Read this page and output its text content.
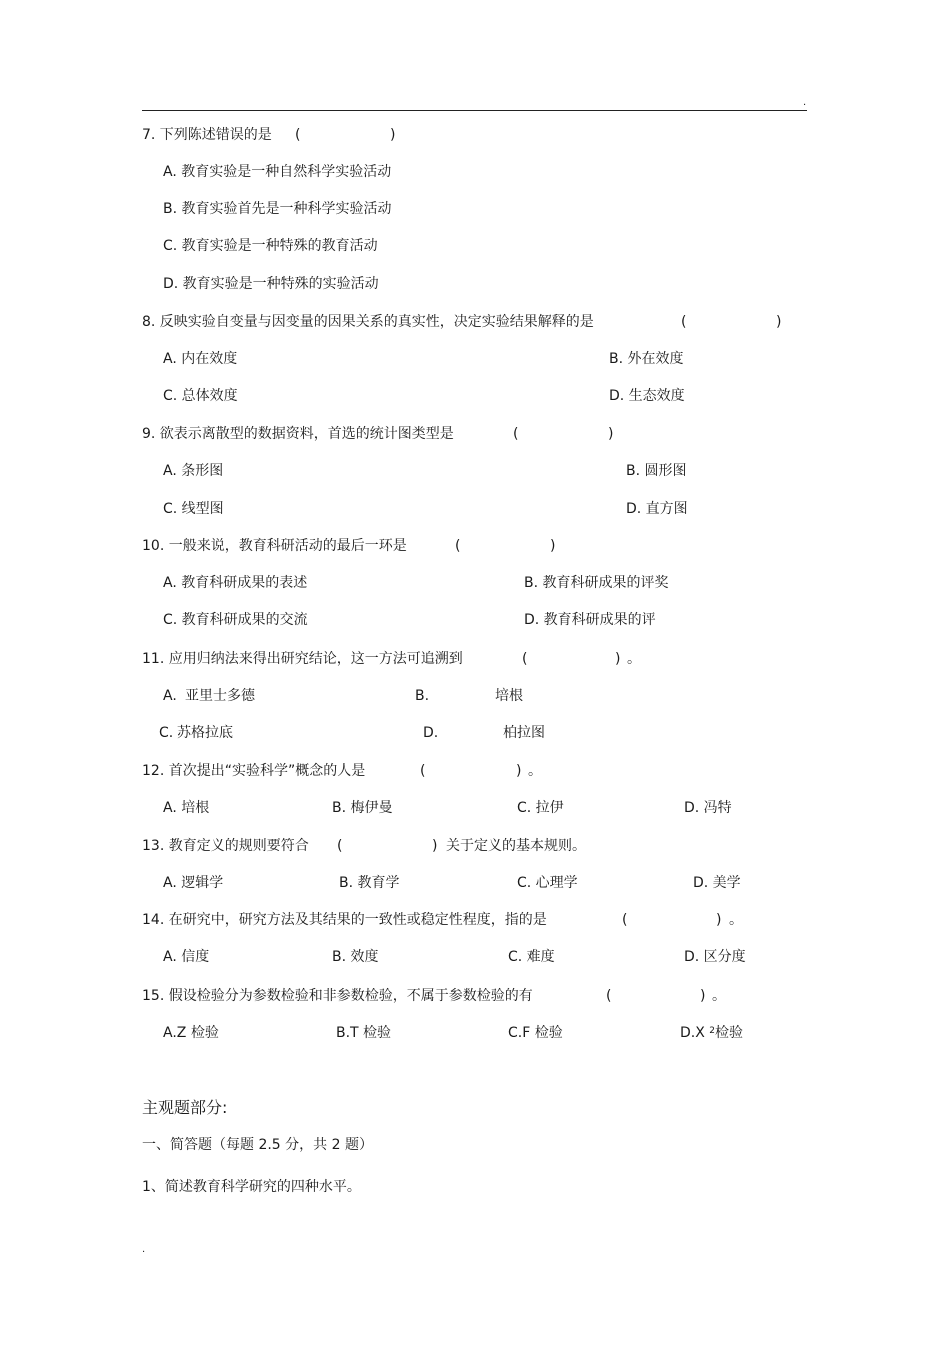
.
7. 下列陈述错误的是 (	)
A. 教育实验是一种自然科学实验活动
B. 教育实验首先是一种科学实验活动
C. 教育实验是一种特殊的教育活动
D. 教育实验是一种特殊的实验活动
8. 反映实验自变量与因变量的因果关系的真实性，决定实验结果解释的是	(	)
A. 内在效度	B. 外在效度
C. 总体效度	D. 生态效度
9. 欲表示离散型的数据资料，首选的统计图类型是	(	)
A. 条形图	B. 圆形图
C. 线型图	D. 直方图
10. 一般来说，教育科研活动的最后一环是	(	)
A. 教育科研成果的表述	B. 教育科研成果的评奖
C. 教育科研成果的交流	D. 教育科研成果的评
11. 应用归纳法来得出研究结论，这一方法可追溯到	(	) 。
A. 亚里士多德	B.	培根
C. 苏格拉底	D.	柏拉图
12. 首次提出“实验科学”概念的人是	(	) 。
A. 培根	B. 梅伊曼	C. 拉伊	D. 冯特
13. 教育定义的规则要符合 (	) 关于定义的基本规则。
A. 逻辑学	B. 教育学	C. 心理学	D. 美学
14. 在研究中，研究方法及其结果的一致性或稳定性程度，指的是	(	) 。
A. 信度	B. 效度	C. 难度	D. 区分度
15. 假设检验分为参数检验和非参数检验，不属于参数检验的有	(	) 。
A.Z 检验	B.T 检验	C.F 检验	D.X $^2$检验
主观题部分:
一、简答题（每题 2.5 分，共 2 题）
1、简述教育科学研究的四种水平。
.
